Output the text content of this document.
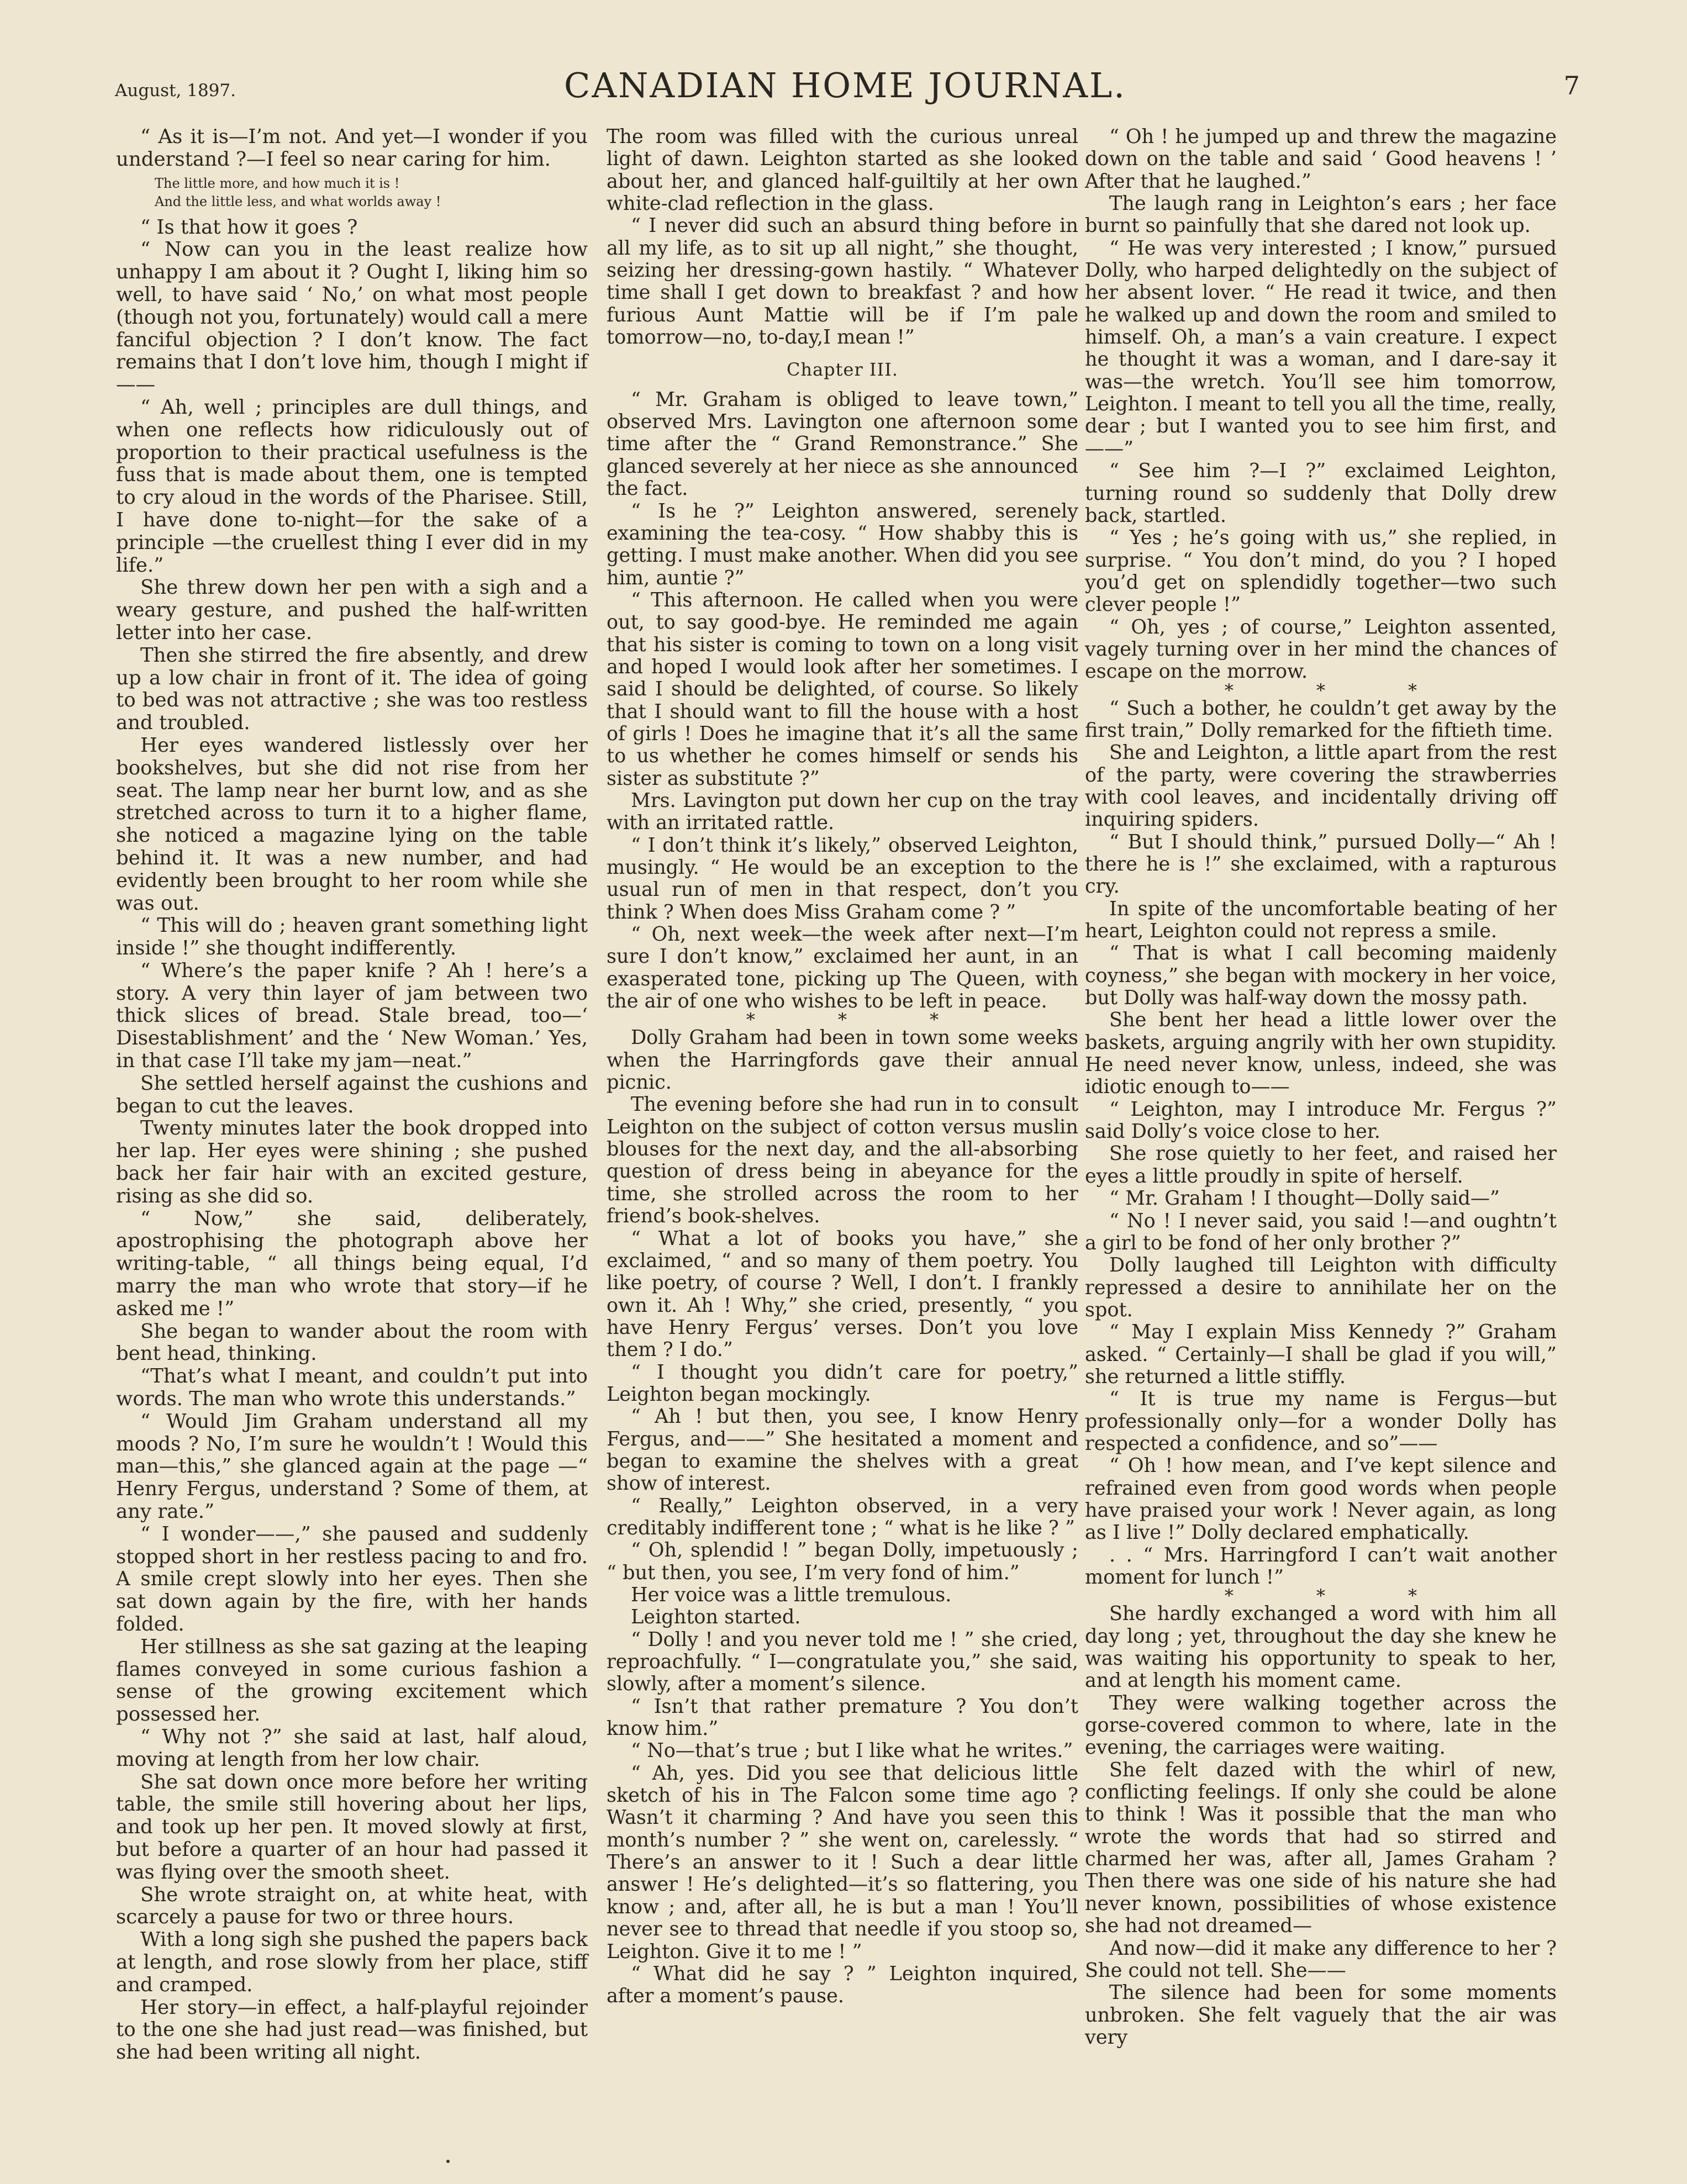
August, 1897.	CANADIAN HOME JOURNAL.	7

“ As it is—I’m not. And yet—I wonder if you understand ?—I feel so near caring for him.

The little more, and how much it is !
And the little less, and what worlds away !

“ Is that how it goes ?

“ Now can you in the least realize how unhappy I am about it ? Ought I, liking him so well, to have said ‘ No,’ on what most people (though not you, fortunately) would call a mere fanciful objection ? I don’t know. The fact remains that I don’t love him, though I might if——

“ Ah, well ; principles are dull things, and when one reflects how ridiculously out of proportion to their practical usefulness is the fuss that is made about them, one is tempted to cry aloud in the words of the Pharisee. Still, I have done to-night—for the sake of a principle —the cruellest thing I ever did in my life.”

She threw down her pen with a sigh and a weary gesture, and pushed the half-written letter into her case.

Then she stirred the fire absently, and drew up a low chair in front of it. The idea of going to bed was not attractive ; she was too restless and troubled.

Her eyes wandered listlessly over her bookshelves, but she did not rise from her seat. The lamp near her burnt low, and as she stretched across to turn it to a higher flame, she noticed a magazine lying on the table behind it. It was a new number, and had evidently been brought to her room while she was out.

“ This will do ; heaven grant something light inside !” she thought indifferently.

“ Where’s the paper knife ? Ah ! here’s a story. A very thin layer of jam between two thick slices of bread. Stale bread, too—‘ Disestablishment’ and the ‘ New Woman.’ Yes, in that case I’ll take my jam—neat.”

She settled herself against the cushions and began to cut the leaves.

Twenty minutes later the book dropped into her lap. Her eyes were shining ; she pushed back her fair hair with an excited gesture, rising as she did so.

“ Now,” she said, deliberately, apostrophising the photograph above her writing-table, “ all things being equal, I’d marry the man who wrote that story—if he asked me !”

She began to wander about the room with bent head, thinking.

“That’s what I meant, and couldn’t put into words. The man who wrote this understands.”

“ Would Jim Graham understand all my moods ? No, I’m sure he wouldn’t ! Would this man—this,” she glanced again at the page —“ Henry Fergus, understand ? Some of them, at any rate.”

“ I wonder——,” she paused and suddenly stopped short in her restless pacing to and fro. A smile crept slowly into her eyes. Then she sat down again by the fire, with her hands folded.

Her stillness as she sat gazing at the leaping flames conveyed in some curious fashion a sense of the growing excitement which possessed her.

“ Why not ?” she said at last, half aloud, moving at length from her low chair.

She sat down once more before her writing table, the smile still hovering about her lips, and took up her pen. It moved slowly at first, but before a quarter of an hour had passed it was flying over the smooth sheet.

She wrote straight on, at white heat, with scarcely a pause for two or three hours.

With a long sigh she pushed the papers back at length, and rose slowly from her place, stiff and cramped.

Her story—in effect, a half-playful rejoinder to the one she had just read—was finished, but she had been writing all night.

The room was filled with the curious unreal light of dawn. Leighton started as she looked about her, and glanced half-guiltily at her own white-clad reflection in the glass.

“ I never did such an absurd thing before in all my life, as to sit up all night,” she thought, seizing her dressing-gown hastily. “ Whatever time shall I get down to breakfast ? and how furious Aunt Mattie will be if I’m pale tomorrow—no, to-day,I mean !”

Chapter III.

“ Mr. Graham is obliged to leave town,” observed Mrs. Lavington one afternoon some time after the “ Grand Remonstrance.” She glanced severely at her niece as she announced the fact.

“ Is he ?” Leighton answered, serenely examining the tea-cosy. “ How shabby this is getting. I must make another. When did you see him, auntie ?”

“ This afternoon. He called when you were out, to say good-bye. He reminded me again that his sister is coming to town on a long visit and hoped I would look after her sometimes. I said I should be delighted, of course. So likely that I should want to fill the house with a host of girls ! Does he imagine that it’s all the same to us whether he comes himself or sends his sister as substitute ?”

Mrs. Lavington put down her cup on the tray with an irritated rattle.

“ I don’t think it’s likely,” observed Leighton, musingly. “ He would be an exception to the usual run of men in that respect, don’t you think ? When does Miss Graham come ? ”

“ Oh, next week—the week after next—I’m sure I don’t know,” exclaimed her aunt, in an exasperated tone, picking up The Queen, with the air of one who wishes to be left in peace.

* * *

Dolly Graham had been in town some weeks when the Harringfords gave their annual picnic.

The evening before she had run in to consult Leighton on the subject of cotton versus muslin blouses for the next day, and the all-absorbing question of dress being in abeyance for the time, she strolled across the room to her friend’s book-shelves.

“ What a lot of books you have,” she exclaimed, “ and so many of them poetry. You like poetry, of course ? Well, I don’t. I frankly own it. Ah ! Why,” she cried, presently, “ you have Henry Fergus’ verses. Don’t you love them ? I do.”

“ I thought you didn’t care for poetry,” Leighton began mockingly.

“ Ah ! but then, you see, I know Henry Fergus, and——” She hesitated a moment and began to examine the shelves with a great show of interest.

“ Really,” Leighton observed, in a very creditably indifferent tone ; “ what is he like ? ”

“ Oh, splendid ! ” began Dolly, impetuously ; “ but then, you see, I’m very fond of him.”

Her voice was a little tremulous.

Leighton started.

“ Dolly ! and you never told me ! ” she cried, reproachfully. “ I—congratulate you,” she said, slowly, after a moment’s silence.

“ Isn’t that rather premature ? You don’t know him.”

“ No—that’s true ; but I like what he writes.”

“ Ah, yes. Did you see that delicious little sketch of his in The Falcon some time ago ? Wasn’t it charming ? And have you seen this month’s number ? ” she went on, carelessly. “ There’s an answer to it ! Such a dear little answer ! He’s delighted—it’s so flattering, you know ; and, after all, he is but a man ! You’ll never see to thread that needle if you stoop so, Leighton. Give it to me ! ”

“ What did he say ? ” Leighton inquired, after a moment’s pause.

“ Oh ! he jumped up and threw the magazine down on the table and said ‘ Good heavens ! ’ After that he laughed.”

The laugh rang in Leighton’s ears ; her face burnt so painfully that she dared not look up.

“ He was very interested ; I know,” pursued Dolly, who harped delightedly on the subject of her absent lover. “ He read it twice, and then he walked up and down the room and smiled to himself. Oh, a man’s a vain creature. I expect he thought it was a woman, and I dare-say it was—the wretch. You’ll see him tomorrow, Leighton. I meant to tell you all the time, really, dear ; but I wanted you to see him first, and——”

“ See him ?—I ?” exclaimed Leighton, turning round so suddenly that Dolly drew back, startled.

“ Yes ; he’s going with us,” she replied, in surprise. “ You don’t mind, do you ? I hoped you’d get on splendidly together—two such clever people !”

“ Oh, yes ; of course,” Leighton assented, vagely turning over in her mind the chances of escape on the morrow.

* * *

“ Such a bother, he couldn’t get away by the first train,” Dolly remarked for the fiftieth time.

She and Leighton, a little apart from the rest of the party, were covering the strawberries with cool leaves, and incidentally driving off inquiring spiders.

“ But I should think,” pursued Dolly—“ Ah ! there he is !” she exclaimed, with a rapturous cry.

In spite of the uncomfortable beating of her heart, Leighton could not repress a smile.

“ That is what I call becoming maidenly coyness,” she began with mockery in her voice, but Dolly was half-way down the mossy path.

She bent her head a little lower over the baskets, arguing angrily with her own stupidity. He need never know, unless, indeed, she was idiotic enough to——

“ Leighton, may I introduce Mr. Fergus ?” said Dolly’s voice close to her.

She rose quietly to her feet, and raised her eyes a little proudly in spite of herself.

“ Mr. Graham ! I thought—Dolly said—”

“ No ! I never said, you said !—and oughtn’t a girl to be fond of her only brother ?”

Dolly laughed till Leighton with difficulty repressed a desire to annihilate her on the spot.

“ May I explain Miss Kennedy ?” Graham asked. “ Certainly—I shall be glad if you will,” she returned a little stiffly.

“ It is true my name is Fergus—but professionally only—for a wonder Dolly has respected a confidence, and so”——

“ Oh ! how mean, and I’ve kept silence and refrained even from good words when people have praised your work ! Never again, as long as I live !” Dolly declared emphatically.

. . “ Mrs. Harringford I can’t wait another moment for lunch !”

* * *

She hardly exchanged a word with him all day long ; yet, throughout the day she knew he was waiting his opportunity to speak to her, and at length his moment came.

They were walking together across the gorse-covered common to where, late in the evening, the carriages were waiting.

She felt dazed with the whirl of new, conflicting feelings. If only she could be alone to think ! Was it possible that the man who wrote the words that had so stirred and charmed her was, after all, James Graham ? Then there was one side of his nature she had never known, possibilities of whose existence she had not dreamed—

And now—did it make any difference to her ? She could not tell. She——

The silence had been for some moments unbroken. She felt vaguely that the air was very
